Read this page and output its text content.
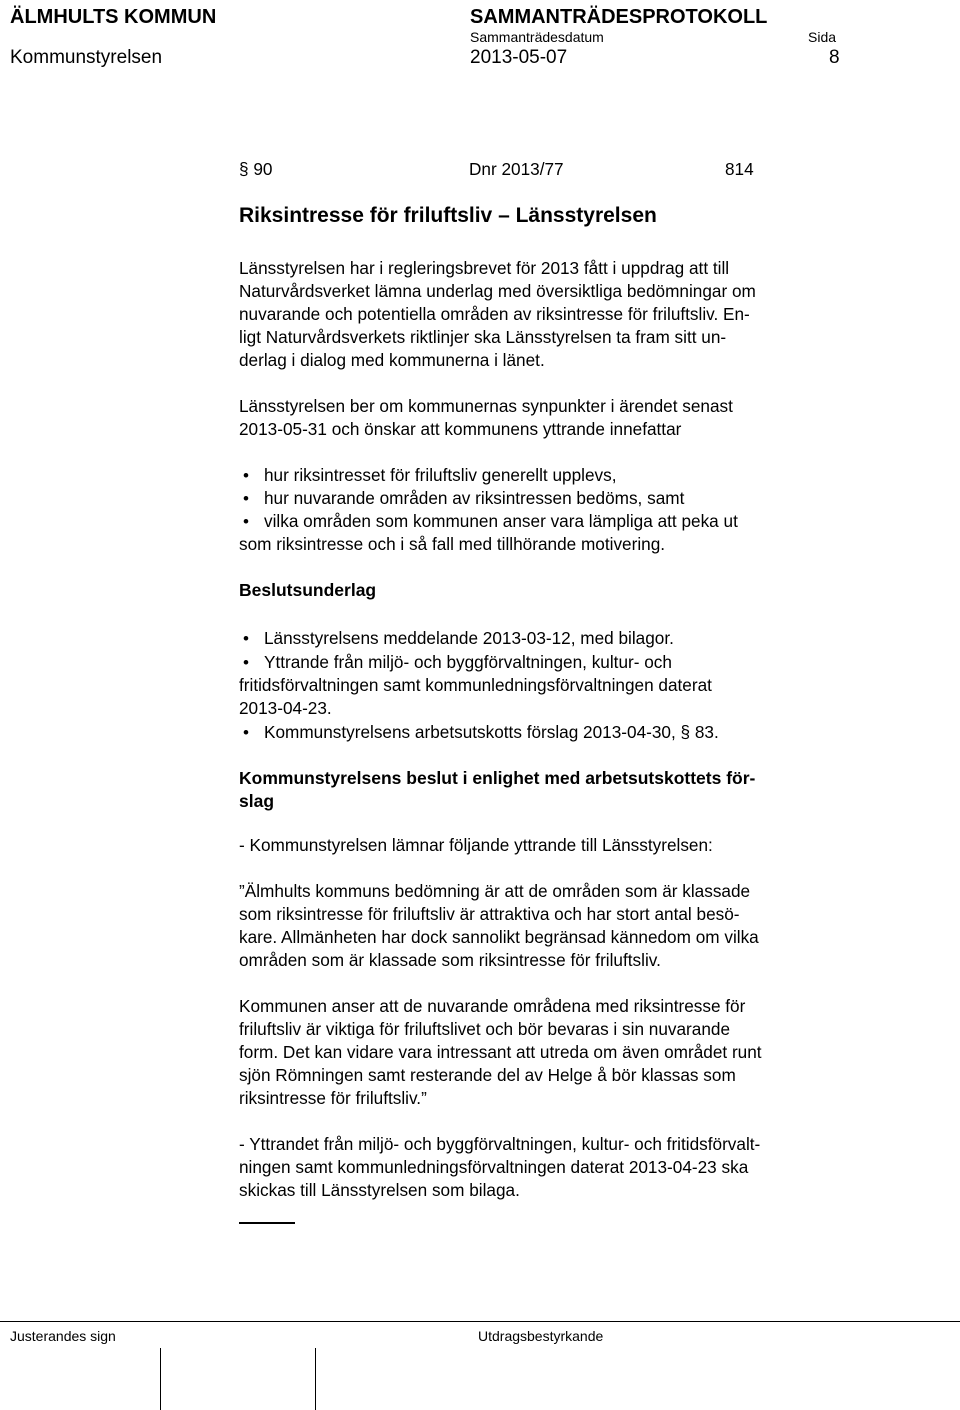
ÄLMHULTS KOMMUN	SAMMANTRÄDESPROTOKOLL
Sammanträdesdatum	Sida
Kommunstyrelsen	2013-05-07	8
§ 90	Dnr 2013/77	814
Riksintresse för friluftsliv – Länsstyrelsen
Länsstyrelsen har i regleringsbrevet för 2013 fått i uppdrag att till
Naturvårdsverket lämna underlag med översiktliga bedömningar om
nuvarande och potentiella områden av riksintresse för friluftsliv. En-
ligt Naturvårdsverkets riktlinjer ska Länsstyrelsen ta fram sitt un-
derlag i dialog med kommunerna i länet.
Länsstyrelsen ber om kommunernas synpunkter i ärendet senast
2013-05-31 och önskar att kommunens yttrande innefattar
• hur riksintresset för friluftsliv generellt upplevs,
• hur nuvarande områden av riksintressen bedöms, samt
• vilka områden som kommunen anser vara lämpliga att peka ut
som riksintresse och i så fall med tillhörande motivering.
Beslutsunderlag
• Länsstyrelsens meddelande 2013-03-12, med bilagor.
• Yttrande från miljö- och byggförvaltningen, kultur- och
fritidsförvaltningen samt kommunledningsförvaltningen daterat
2013-04-23.
• Kommunstyrelsens arbetsutskotts förslag 2013-04-30, § 83.
Kommunstyrelsens beslut i enlighet med arbetsutskottets för-
slag
- Kommunstyrelsen lämnar följande yttrande till Länsstyrelsen:
”Älmhults kommuns bedömning är att de områden som är klassade
som riksintresse för friluftsliv är attraktiva och har stort antal besö-
kare. Allmänheten har dock sannolikt begränsad kännedom om vilka
områden som är klassade som riksintresse för friluftsliv.
Kommunen anser att de nuvarande områdena med riksintresse för
friluftsliv är viktiga för friluftslivet och bör bevaras i sin nuvarande
form. Det kan vidare vara intressant att utreda om även området runt
sjön Römningen samt resterande del av Helge å bör klassas som
riksintresse för friluftsliv.”
- Yttrandet från miljö- och byggförvaltningen, kultur- och fritidsförvalt-
ningen samt kommunledningsförvaltningen daterat 2013-04-23 ska
skickas till Länsstyrelsen som bilaga.
Justerandes sign	Utdragsbestyrkande
